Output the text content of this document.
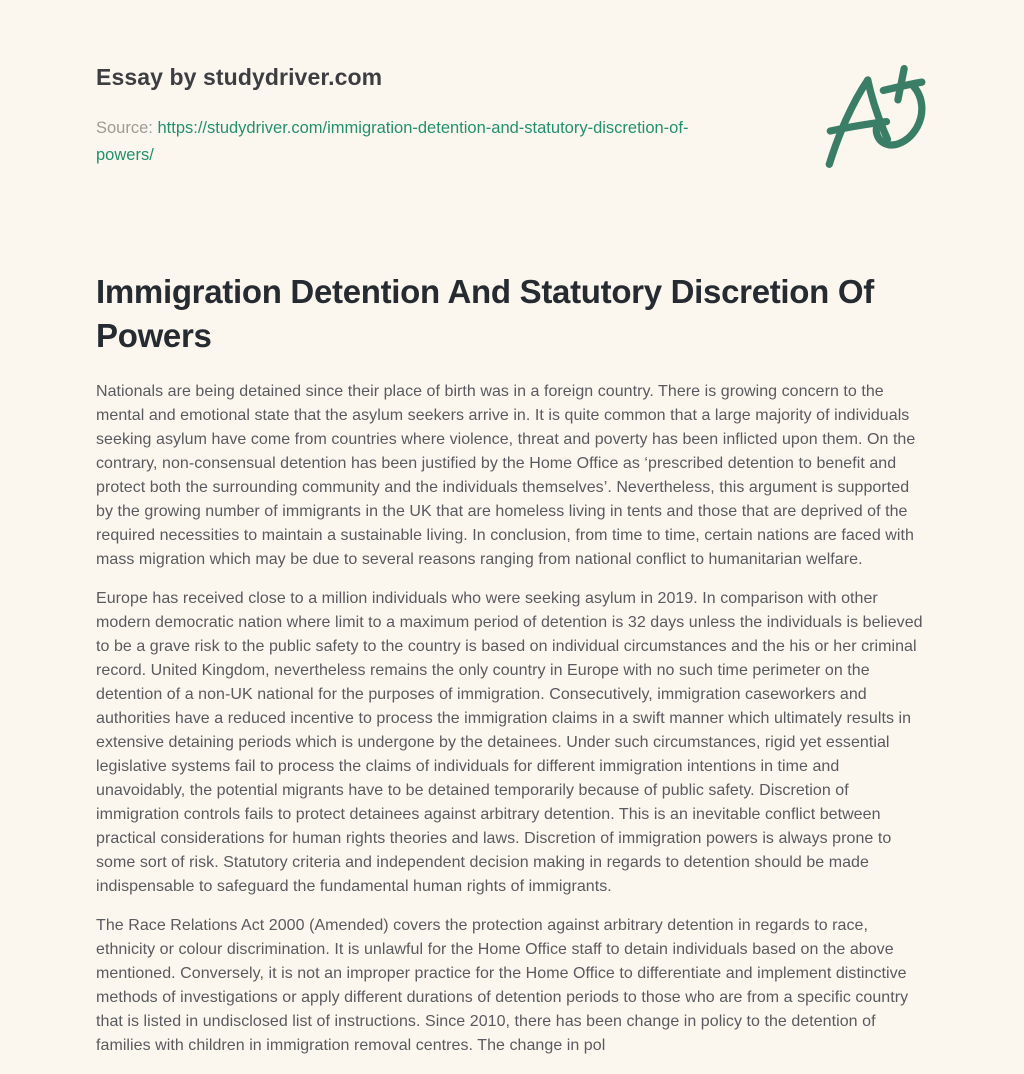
Essay by studydriver.com
Source: https://studydriver.com/immigration-detention-and-statutory-discretion-of-powers/
Immigration Detention And Statutory Discretion Of Powers

Nationals are being detained since their place of birth was in a foreign country. There is growing concern to the mental and emotional state that the asylum seekers arrive in. It is quite common that a large majority of individuals seeking asylum have come from countries where violence, threat and poverty has been inflicted upon them. On the contrary, non-consensual detention has been justified by the Home Office as ‘prescribed detention to benefit and protect both the surrounding community and the individuals themselves’. Nevertheless, this argument is supported by the growing number of immigrants in the UK that are homeless living in tents and those that are deprived of the required necessities to maintain a sustainable living. In conclusion, from time to time, certain nations are faced with mass migration which may be due to several reasons ranging from national conflict to humanitarian welfare.

Europe has received close to a million individuals who were seeking asylum in 2019. In comparison with other modern democratic nation where limit to a maximum period of detention is 32 days unless the individuals is believed to be a grave risk to the public safety to the country is based on individual circumstances and the his or her criminal record. United Kingdom, nevertheless remains the only country in Europe with no such time perimeter on the detention of a non-UK national for the purposes of immigration. Consecutively, immigration caseworkers and authorities have a reduced incentive to process the immigration claims in a swift manner which ultimately results in extensive detaining periods which is undergone by the detainees. Under such circumstances, rigid yet essential legislative systems fail to process the claims of individuals for different immigration intentions in time and unavoidably, the potential migrants have to be detained temporarily because of public safety. Discretion of immigration controls fails to protect detainees against arbitrary detention. This is an inevitable conflict between practical considerations for human rights theories and laws. Discretion of immigration powers is always prone to some sort of risk. Statutory criteria and independent decision making in regards to detention should be made indispensable to safeguard the fundamental human rights of immigrants.

The Race Relations Act 2000 (Amended) covers the protection against arbitrary detention in regards to race, ethnicity or colour discrimination. It is unlawful for the Home Office staff to detain individuals based on the above mentioned. Conversely, it is not an improper practice for the Home Office to differentiate and implement distinctive methods of investigations or apply different durations of detention periods to those who are from a specific country that is listed in undisclosed list of instructions. Since 2010, there has been change in policy to the detention of families with children in immigration removal centres. The change in pol
